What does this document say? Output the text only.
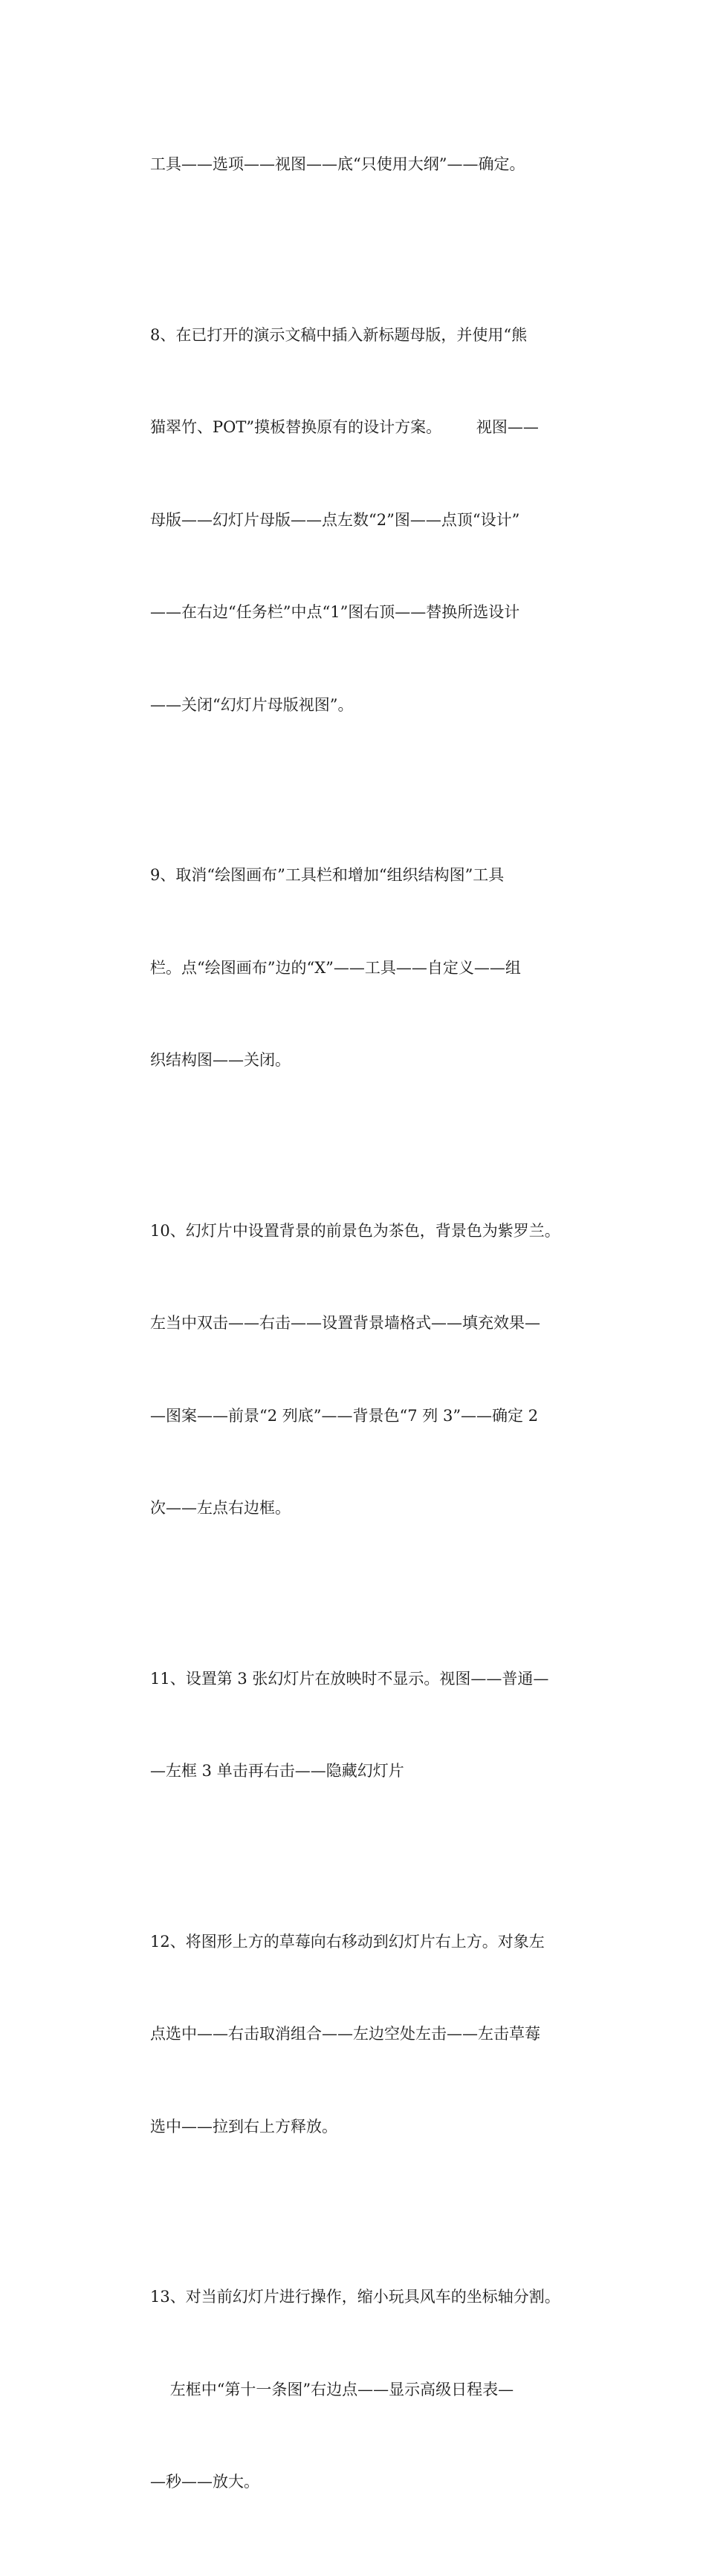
工具——选项——视图——底“只使用大纲”——确定。

8、在已打开的演示文稿中插入新标题母版，并使用“熊

猫翠竹、POT”摸板替换原有的设计方案。       视图——

母版——幻灯片母版——点左数“2”图——点顶“设计”

——在右边“任务栏”中点“1”图右顶——替换所选设计

——关闭“幻灯片母版视图”。

9、取消“绘图画布”工具栏和增加“组织结构图”工具

栏。点“绘图画布”边的“X”——工具——自定义——组

织结构图——关闭。

10、幻灯片中设置背景的前景色为茶色，背景色为紫罗兰。

左当中双击——右击——设置背景墙格式——填充效果—

—图案——前景“2 列底”——背景色“7 列 3”——确定 2

次——左点右边框。

11、设置第 3 张幻灯片在放映时不显示。视图——普通—

—左框 3 单击再右击——隐藏幻灯片

12、将图形上方的草莓向右移动到幻灯片右上方。对象左

点选中——右击取消组合——左边空处左击——左击草莓

选中——拉到右上方释放。

13、对当前幻灯片进行操作，缩小玩具风车的坐标轴分割。

左框中“第十一条图”右边点——显示高级日程表—

—秒——放大。
